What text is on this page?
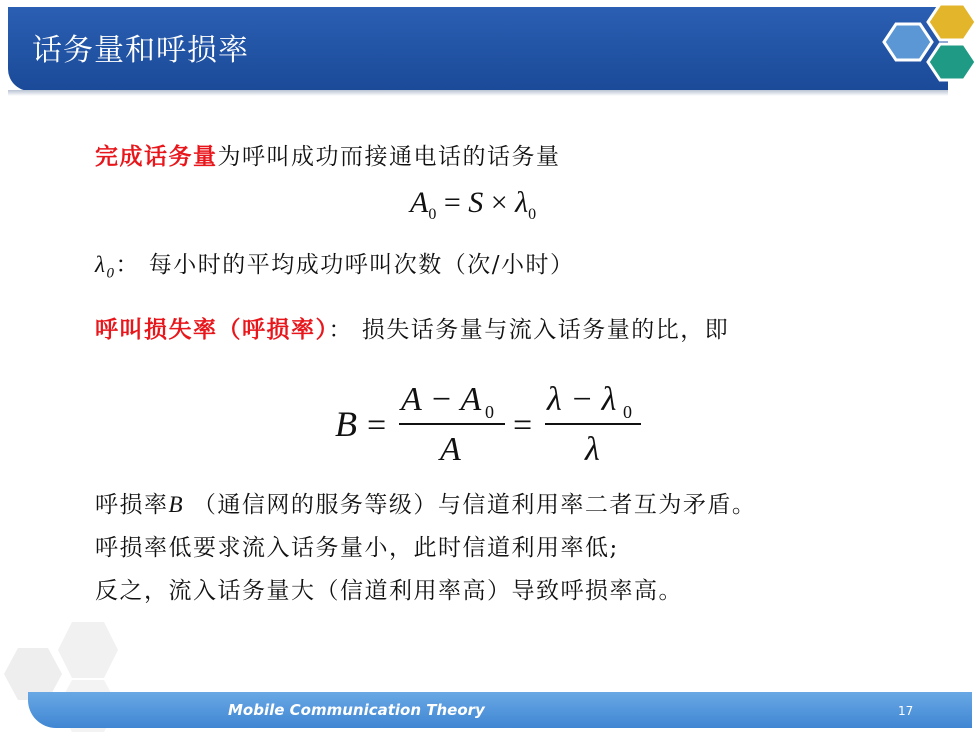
话务量和呼损率
完成话务量为呼叫成功而接通电话的话务量
$A_0 = S \times \lambda_0$
$\lambda_0$： 每小时的平均成功呼叫次数（次/小时）
呼叫损失率（呼损率）： 损失话务量与流入话务量的比，即
B =
A − A 0
A
=
λ − λ 0
λ
呼损率B （通信网的服务等级）与信道利用率二者互为矛盾。
呼损率低要求流入话务量小，此时信道利用率低;
反之，流入话务量大（信道利用率高）导致呼损率高。
Mobile Communication Theory	17
